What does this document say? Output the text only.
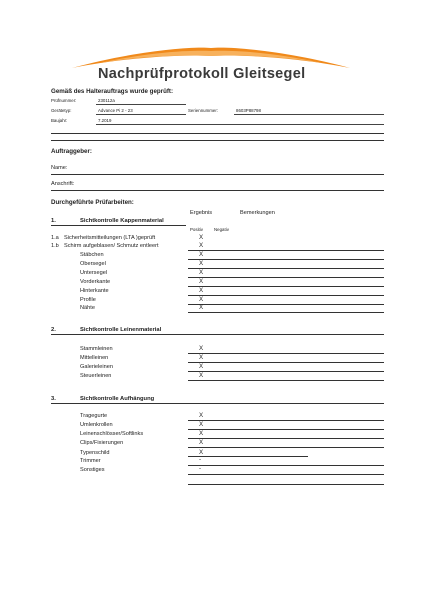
Nachprüfprotokoll Gleitsegel
Gemäß des Halterauftrags wurde geprüft:
Prüfnummer:	230112a
Gerätetyp:	Advance Pi 2 - 23	Seriennummer:	8603P88798
Baujahr:	7.2019
Auftraggeber:
Name:
Anschrift:
Durchgeführte Prüfarbeiten:
Ergebnis	Bemerkungen
1.	Sichtkontrolle Kappenmaterial
Positiv	Negativ
1.a Sicherheitsmitteilungen (LTA )geprüft	X
1.b Schirm aufgeblasen/ Schmutz entleert	X
Stäbchen	X
Obersegel	X
Untersegel	X
Vorderkante	X
Hinterkante	X
Profile	X
Nähte	X
2.	Sichtkontrolle Leinenmaterial
Stammleinen	X
Mittelleinen	X
Galerieleinen	X
Steuerleinen	X
3.	Sichtkontrolle Aufhängung
Tragegurte	X
Umlenkrollen	X
Leinenschlösser/Softlinks	X
Clips/Fixierungen	X
Typenschild	X
Trimmer	-
Sonstiges	-
